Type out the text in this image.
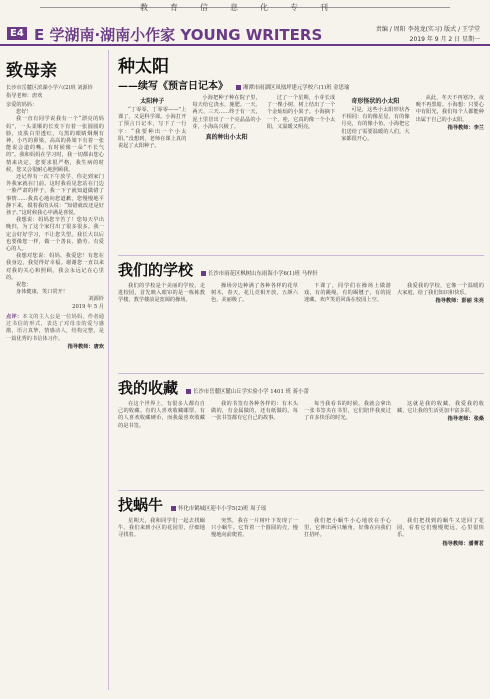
教育信息化专刊
E4 E 学湖南·湖南小作家 YOUNG WRITERS	责编 / 周阳 李苑龙(实习) 版式 / 王学堂
2019 年 9 月 2 日 星期一
致母亲
长沙市岳麓区滨湖小学六(2)班 刘源铃
指导老师：唐欢
亲爱的妈妈：
您好！
我一直有同学说我有一个“漂亮的妈妈”，一头柔顺的长发下有着一张圆圆的脸，皮肤白里透红，乌黑的眼睛炯炯有神，小巧的鼻梁，高高的鼻梁下有着一张能说会道的嘴。有时候像一朵“不长气的”。我和妈妈在学习时，我一切都由您心情来决定，您要求很严格，我生病的时候，您又会很耐心地照顾我。
还记得有一次下午放学，你走到家门外我家就在门前。这时我看见您站在门边一脸严肃的样子，我一下子就知道做错了事情……我真心地向您道歉，您慢慢地平静下来，摸着我的头说：“知错就改还是好孩子。”这时候我心中满是喜悦。
我想说：妈妈您辛苦了！您每天早出晚归，为了这个家付出了很多很多。我一定会好好学习，不让您失望。我长大以后也要像您一样，做一个善良、勤劳、有爱心的人。
我想对您说：妈妈，我爱您！有您在我身边，我觉得好幸福。谢谢您一直以来对我的关心和照顾，我会永远记在心里的。
祝您：
身体健康，笑口常开！
刘源铃
2019 年 5 月
点评：本文的主人公是一位妈妈，作者通过书信的形式，表达了对母亲的爱与感激，语言真挚，情感动人，结构完整，是一篇优秀的书信体习作。
指导教师：唐欢
种太阳
——续写《预言日记本》	湘潭市雨湖区凤凰坪建元学校六(1)班 金思瑜
太阳种子
“丁零零，丁零零——”上课了，又是科学课。小海打开了预言日记本，写下了一行字：“我要种出一个小太阳。”没想到，老师在课上真的说起了太阳种子。
小海把种子种在院子里，每天给它浇水、施肥。一天、两天、三天……终于有一天，泥土里冒出了一个亮晶晶的小芽，小海高兴极了。
真的种出小太阳
过了一个星期，小芽长成了一棵小树，树上结出了一个个金灿灿的小果子。小海摘下一个，哇，它真的像一个小太阳，又温暖又明亮。
奇形怪状的小太阳
可是，这些小太阳形状各不相同：有的像星星，有的像月亮，有的像小鱼。小海把它们送给了需要温暖的人们，大家都很开心。
从此，冬天不再寒冷，夜晚不再黑暗。小海想：只要心中有阳光，我们每个人都能种出属于自己的小太阳。
指导教师：李兰
我们的学校	长沙市雨花区枫树山东雨海小学6(1)班 马梓轩
我们的学校是个美丽的学校，走进校园，首先映入眼帘的是一栋栋教学楼，教学楼前是宽阔的操场。
操场旁边种满了各种各样的花草树木，春天，花儿竞相开放，五颜六色，美丽极了。
下课了，同学们在操场上做游戏，有的跳绳，有的踢毽子，有的捉迷藏，欢声笑语回荡在校园上空。
我爱我的学校，它像一个温暖的大家庭，给了我们知识和快乐。
指导教师：彭丽 朱亮
我的收藏	长沙市岳麓区麓山丘学实验小学 1401 班 蒋小蕾
在这个世界上，有很多人都有自己的收藏。有的人喜欢收藏邮票，有的人喜欢收藏硬币，而我最喜欢收藏的是书签。
我的书签有各种各样的：有木头做的，有金属做的，还有纸做的。每一张书签都有它自己的故事。
每当我看书的时候，我就会拿出一张书签夹在书里，它们陪伴我度过了许多快乐的时光。
这就是我的收藏，我爱我的收藏，它让我的生活更加丰富多彩。
指导老师：张桑
找蜗牛	怀化市鹤城区迎丰小学5(2)班 周子瑶
星期天，我和同学们一起去找蜗牛。我们来到小区的花园里，仔细地寻找着。
突然，我在一片树叶下发现了一只小蜗牛。它背着一个圆圆的壳，慢慢地向前爬着。
我们把小蜗牛小心地放在手心里，它伸出两只触角，好像在向我们打招呼。
我们把找到的蜗牛又送回了花园，看着它们慢慢爬远，心里很快乐。
指导教师：潘菁茗
